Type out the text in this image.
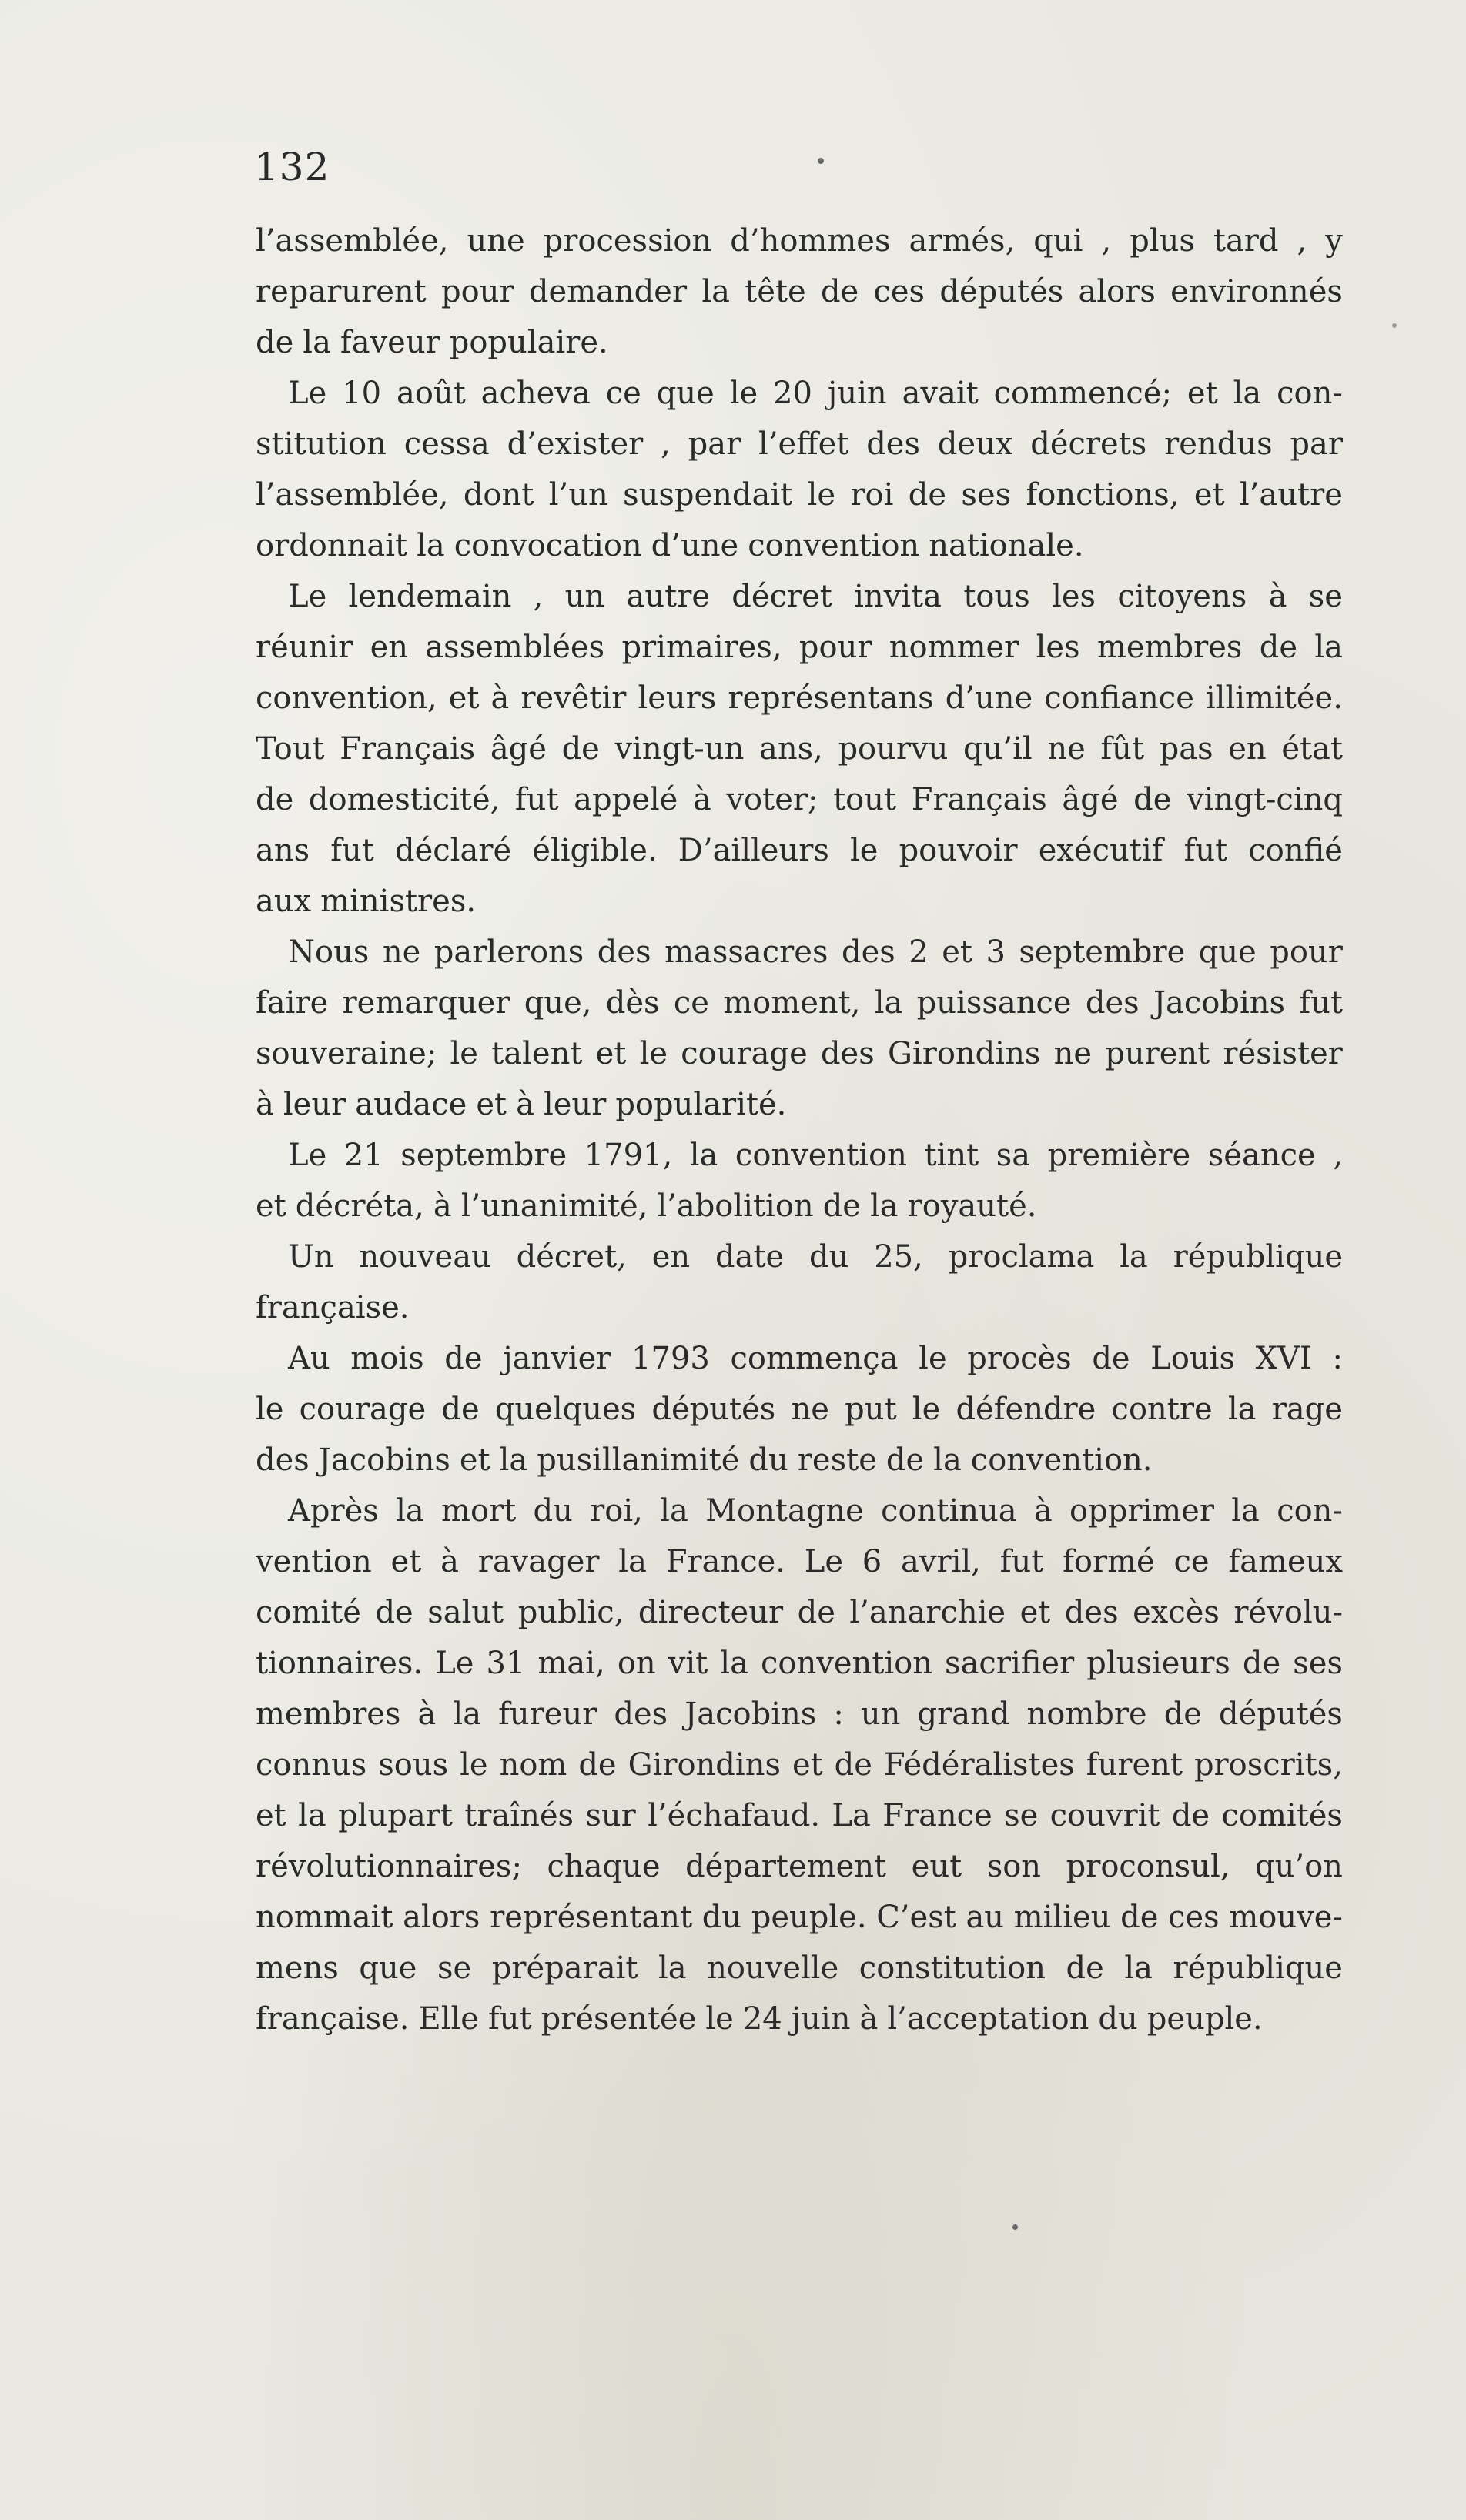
132
l’assemblée, une procession d’hommes armés, qui , plus tard , y
reparurent pour demander la tête de ces députés alors environnés
de la faveur populaire.
Le 10 août acheva ce que le 20 juin avait commencé; et la con-
stitution cessa d’exister , par l’effet des deux décrets rendus par
l’assemblée, dont l’un suspendait le roi de ses fonctions, et l’autre
ordonnait la convocation d’une convention nationale.
Le lendemain , un autre décret invita tous les citoyens à se
réunir en assemblées primaires, pour nommer les membres de la
convention, et à revêtir leurs représentans d’une confiance illimitée.
Tout Français âgé de vingt-un ans, pourvu qu’il ne fût pas en état
de domesticité, fut appelé à voter; tout Français âgé de vingt-cinq
ans fut déclaré éligible. D’ailleurs le pouvoir exécutif fut confié
aux ministres.
Nous ne parlerons des massacres des 2 et 3 septembre que pour
faire remarquer que, dès ce moment, la puissance des Jacobins fut
souveraine; le talent et le courage des Girondins ne purent résister
à leur audace et à leur popularité.
Le 21 septembre 1791, la convention tint sa première séance ,
et décréta, à l’unanimité, l’abolition de la royauté.
Un nouveau décret, en date du 25, proclama la république
française.
Au mois de janvier 1793 commença le procès de Louis XVI :
le courage de quelques députés ne put le défendre contre la rage
des Jacobins et la pusillanimité du reste de la convention.
Après la mort du roi, la Montagne continua à opprimer la con-
vention et à ravager la France. Le 6 avril, fut formé ce fameux
comité de salut public, directeur de l’anarchie et des excès révolu-
tionnaires. Le 31 mai, on vit la convention sacrifier plusieurs de ses
membres à la fureur des Jacobins : un grand nombre de députés
connus sous le nom de Girondins et de Fédéralistes furent proscrits,
et la plupart traînés sur l’échafaud. La France se couvrit de comités
révolutionnaires; chaque département eut son proconsul, qu’on
nommait alors représentant du peuple. C’est au milieu de ces mouve-
mens que se préparait la nouvelle constitution de la république
française. Elle fut présentée le 24 juin à l’acceptation du peuple.
